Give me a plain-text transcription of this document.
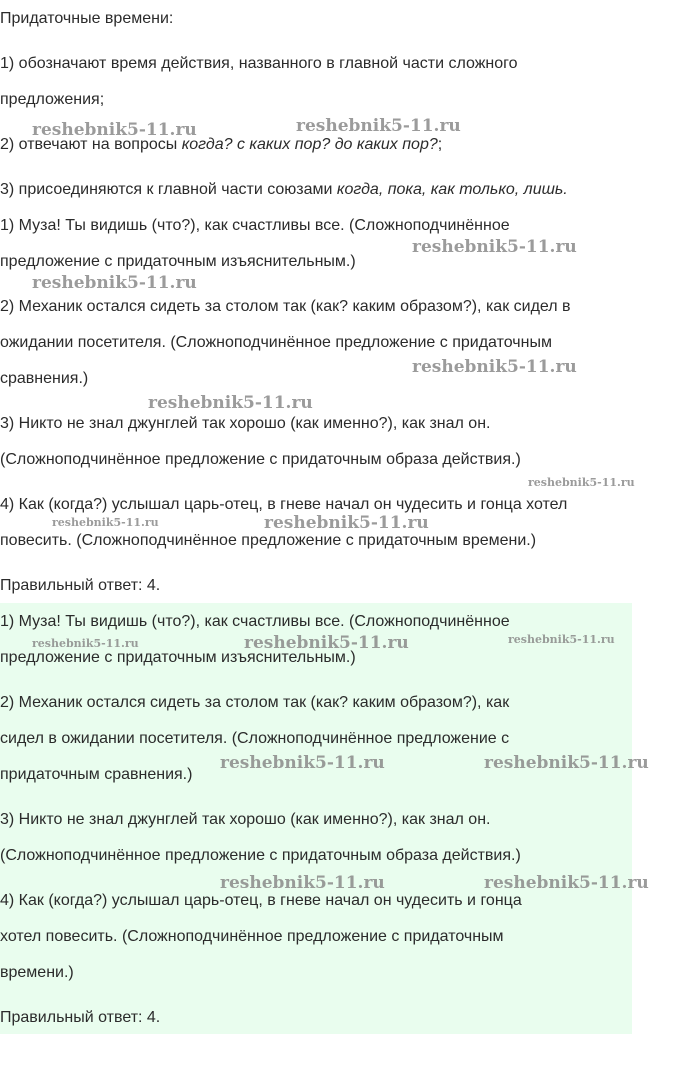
Придаточные времени:

1) обозначают время действия, названного в главной части сложного

предложения;

2) отвечают на вопросы когда? с каких пор? до каких пор?;

3) присоединяются к главной части союзами когда, пока, как только, лишь.

1) Муза! Ты видишь (что?), как счастливы все. (Сложноподчинённое

предложение с придаточным изъяснительным.)

2) Механик остался сидеть за столом так (как? каким образом?), как сидел в

ожидании посетителя. (Сложноподчинённое предложение с придаточным

сравнения.)

3) Никто не знал джунглей так хорошо (как именно?), как знал он.

(Сложноподчинённое предложение с придаточным образа действия.)

4) Как (когда?) услышал царь-отец, в гневе начал он чудесить и гонца хотел

повесить. (Сложноподчинённое предложение с придаточным времени.)

Правильный ответ: 4.

1) Муза! Ты видишь (что?), как счастливы все. (Сложноподчинённое

предложение с придаточным изъяснительным.)

2) Механик остался сидеть за столом так (как? каким образом?), как

сидел в ожидании посетителя. (Сложноподчинённое предложение с

придаточным сравнения.)

3) Никто не знал джунглей так хорошо (как именно?), как знал он.

(Сложноподчинённое предложение с придаточным образа действия.)

4) Как (когда?) услышал царь-отец, в гневе начал он чудесить и гонца

хотел повесить. (Сложноподчинённое предложение с придаточным

времени.)

Правильный ответ: 4.

reshebnik5-11.ru	reshebnik5-11.ru
reshebnik5-11.ru
reshebnik5-11.ru
reshebnik5-11.ru
reshebnik5-11.ru
reshebnik5-11.ru
reshebnik5-11.ru	reshebnik5-11.ru
reshebnik5-11.ru	reshebnik5-11.ru	reshebnik5-11.ru
reshebnik5-11.ru	reshebnik5-11.ru
reshebnik5-11.ru	reshebnik5-11.ru
